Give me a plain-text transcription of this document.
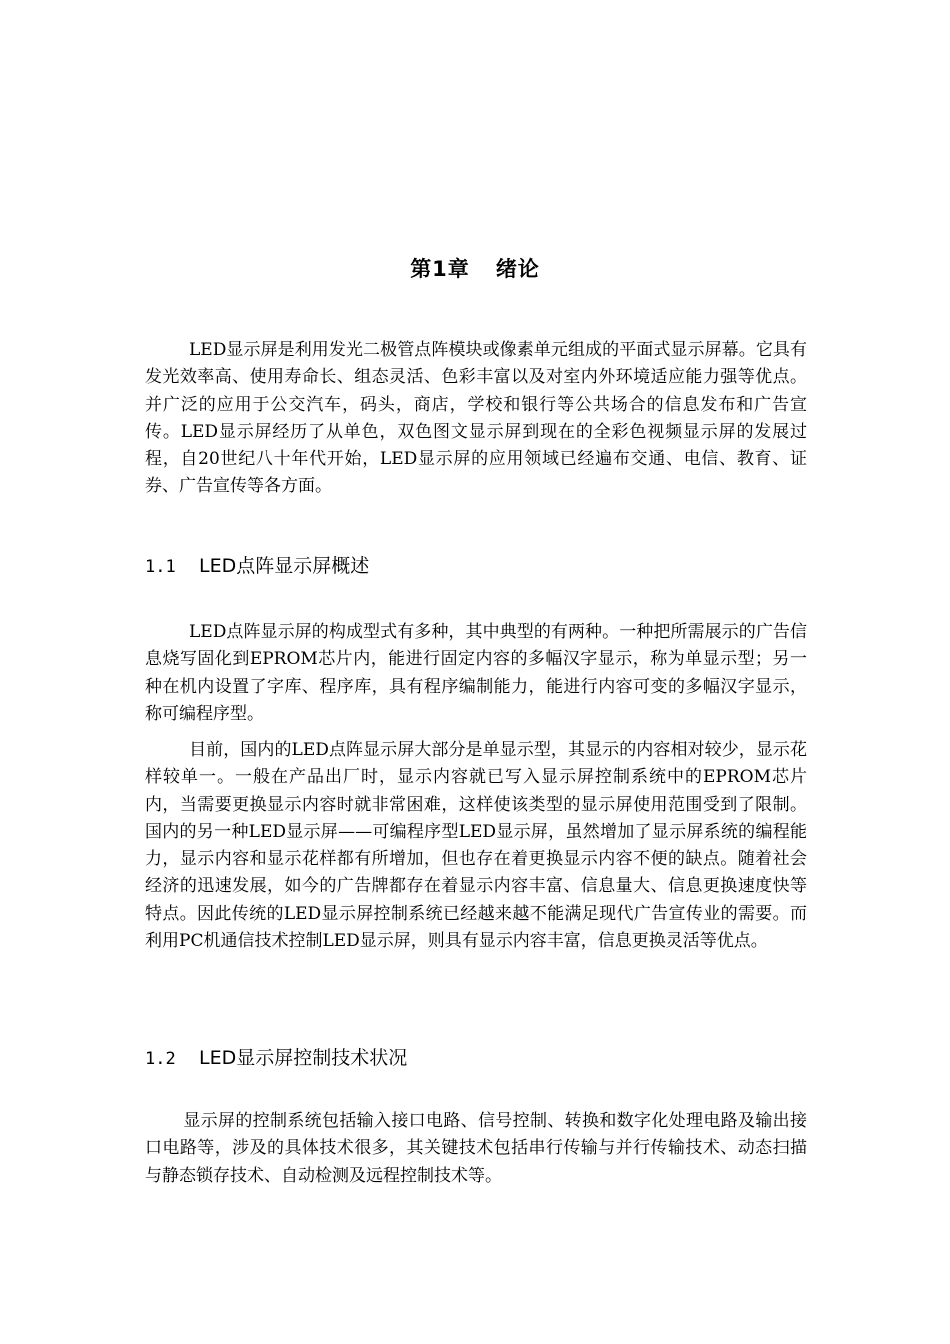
第1章 绪论

LED显示屏是利用发光二极管点阵模块或像素单元组成的平面式显示屏幕。它具有发光效率高、使用寿命长、组态灵活、色彩丰富以及对室内外环境适应能力强等优点。并广泛的应用于公交汽车，码头，商店，学校和银行等公共场合的信息发布和广告宣传。LED显示屏经历了从单色，双色图文显示屏到现在的全彩色视频显示屏的发展过程，自20世纪八十年代开始，LED显示屏的应用领域已经遍布交通、电信、教育、证券、广告宣传等各方面。

1.1 LED点阵显示屏概述

LED点阵显示屏的构成型式有多种，其中典型的有两种。一种把所需展示的广告信息烧写固化到EPROM芯片内，能进行固定内容的多幅汉字显示，称为单显示型；另一种在机内设置了字库、程序库，具有程序编制能力，能进行内容可变的多幅汉字显示，称可编程序型。

目前，国内的LED点阵显示屏大部分是单显示型，其显示的内容相对较少，显示花样较单一。一般在产品出厂时，显示内容就已写入显示屏控制系统中的EPROM芯片内，当需要更换显示内容时就非常困难，这样使该类型的显示屏使用范围受到了限制。国内的另一种LED显示屏——可编程序型LED显示屏，虽然增加了显示屏系统的编程能力，显示内容和显示花样都有所增加，但也存在着更换显示内容不便的缺点。随着社会经济的迅速发展，如今的广告牌都存在着显示内容丰富、信息量大、信息更换速度快等特点。因此传统的LED显示屏控制系统已经越来越不能满足现代广告宣传业的需要。而利用PC机通信技术控制LED显示屏，则具有显示内容丰富，信息更换灵活等优点。

1.2 LED显示屏控制技术状况

显示屏的控制系统包括输入接口电路、信号控制、转换和数字化处理电路及输出接口电路等，涉及的具体技术很多，其关键技术包括串行传输与并行传输技术、动态扫描与静态锁存技术、自动检测及远程控制技术等。
